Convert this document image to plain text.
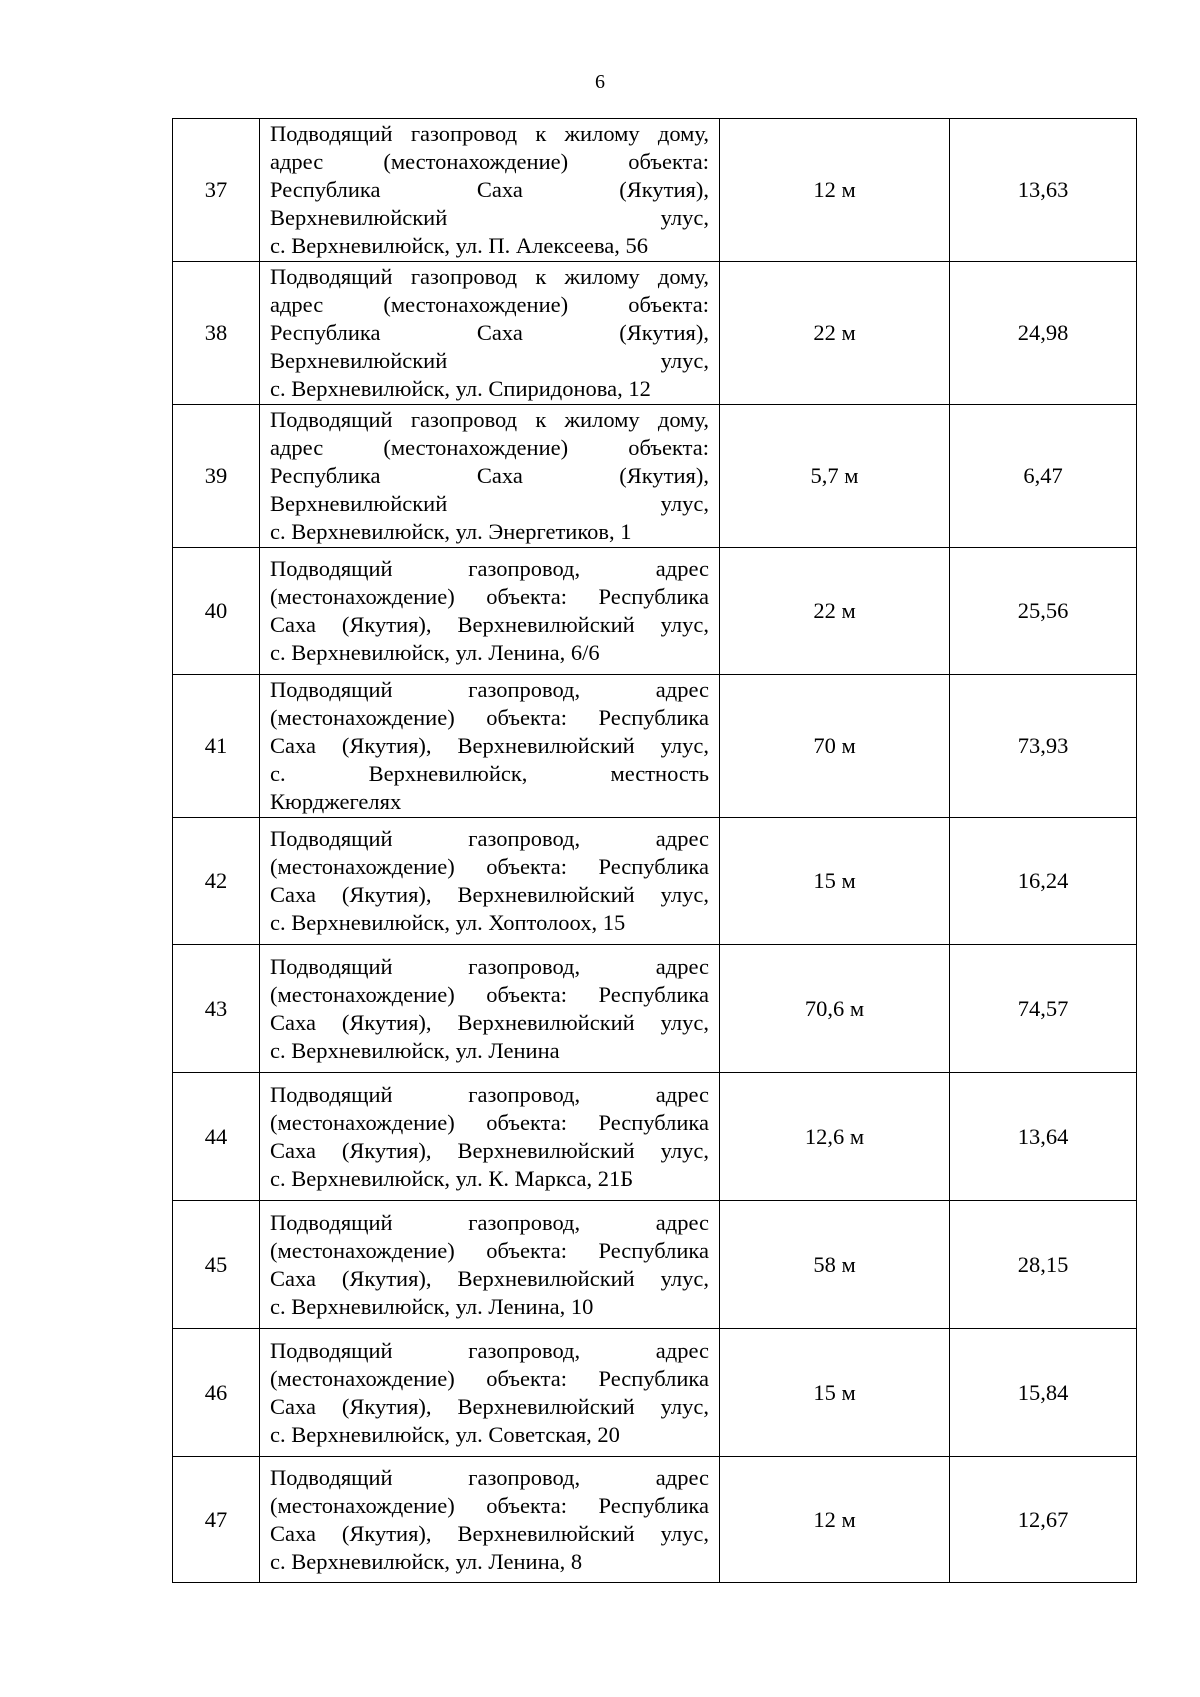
6
37	Подводящий газопровод к жилому дому,
адрес (местонахождение) объекта:
Республика Саха (Якутия),
Верхневилюйский улус,
с. Верхневилюйск, ул. П. Алексеева, 56	12 м	13,63
38	Подводящий газопровод к жилому дому,
адрес (местонахождение) объекта:
Республика Саха (Якутия),
Верхневилюйский улус,
с. Верхневилюйск, ул. Спиридонова, 12	22 м	24,98
39	Подводящий газопровод к жилому дому,
адрес (местонахождение) объекта:
Республика Саха (Якутия),
Верхневилюйский улус,
с. Верхневилюйск, ул. Энергетиков, 1	5,7 м	6,47
40	Подводящий газопровод, адрес
(местонахождение) объекта: Республика
Саха (Якутия), Верхневилюйский улус,
с. Верхневилюйск, ул. Ленина, 6/6	22 м	25,56
41	Подводящий газопровод, адрес
(местонахождение) объекта: Республика
Саха (Якутия), Верхневилюйский улус,
с. Верхневилюйск, местность
Кюрджегелях	70 м	73,93
42	Подводящий газопровод, адрес
(местонахождение) объекта: Республика
Саха (Якутия), Верхневилюйский улус,
с. Верхневилюйск, ул. Хоптолоох, 15	15 м	16,24
43	Подводящий газопровод, адрес
(местонахождение) объекта: Республика
Саха (Якутия), Верхневилюйский улус,
с. Верхневилюйск, ул. Ленина	70,6 м	74,57
44	Подводящий газопровод, адрес
(местонахождение) объекта: Республика
Саха (Якутия), Верхневилюйский улус,
с. Верхневилюйск, ул. К. Маркса, 21Б	12,6 м	13,64
45	Подводящий газопровод, адрес
(местонахождение) объекта: Республика
Саха (Якутия), Верхневилюйский улус,
с. Верхневилюйск, ул. Ленина, 10	58 м	28,15
46	Подводящий газопровод, адрес
(местонахождение) объекта: Республика
Саха (Якутия), Верхневилюйский улус,
с. Верхневилюйск, ул. Советская, 20	15 м	15,84
47	Подводящий газопровод, адрес
(местонахождение) объекта: Республика
Саха (Якутия), Верхневилюйский улус,
с. Верхневилюйск, ул. Ленина, 8	12 м	12,67
